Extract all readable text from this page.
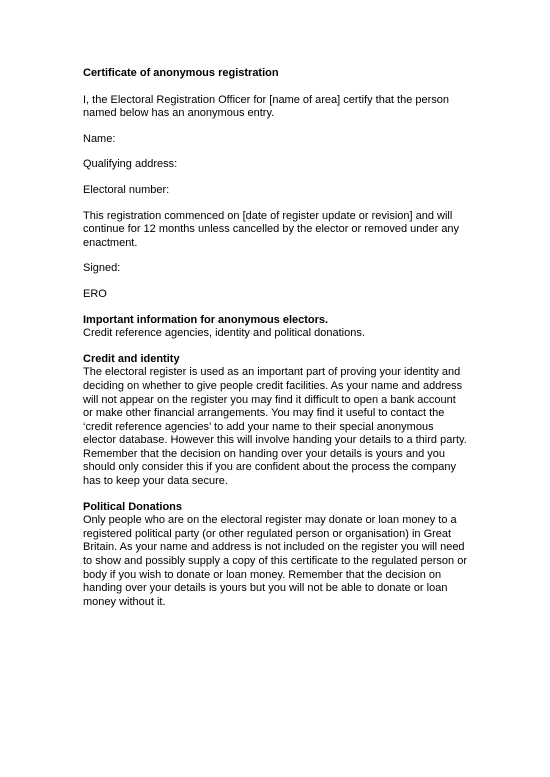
Certificate of anonymous registration

I, the Electoral Registration Officer for [name of area] certify that the person named below has an anonymous entry.

Name:
Qualifying address:
Electoral number:

This registration commenced on [date of register update or revision] and will continue for 12 months unless cancelled by the elector or removed under any enactment.

Signed:
ERO
Important information for anonymous electors.
Credit reference agencies, identity and political donations.
Credit and identity
The electoral register is used as an important part of proving your identity and deciding on whether to give people credit facilities. As your name and address will not appear on the register you may find it difficult to open a bank account or make other financial arrangements. You may find it useful to contact the ‘credit reference agencies’ to add your name to their special anonymous elector database. However this will involve handing your details to a third party. Remember that the decision on handing over your details is yours and you should only consider this if you are confident about the process the company has to keep your data secure.
Political Donations
Only people who are on the electoral register may donate or loan money to a registered political party (or other regulated person or organisation) in Great Britain. As your name and address is not included on the register you will need to show and possibly supply a copy of this certificate to the regulated person or body if you wish to donate or loan money. Remember that the decision on handing over your details is yours but you will not be able to donate or loan money without it.
